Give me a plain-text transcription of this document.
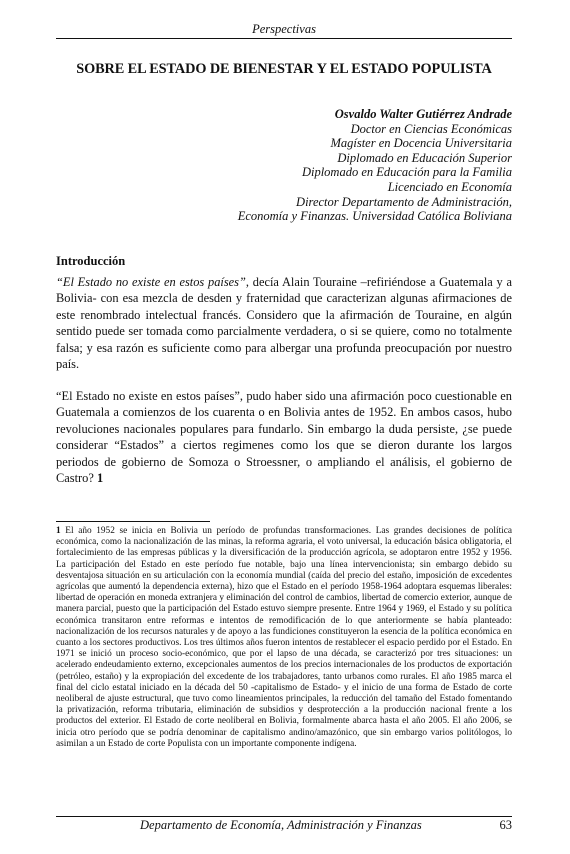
Perspectivas
SOBRE EL ESTADO DE BIENESTAR Y EL ESTADO POPULISTA
Osvaldo Walter Gutiérrez Andrade
Doctor en Ciencias Económicas
Magíster en Docencia Universitaria
Diplomado en Educación Superior
Diplomado en Educación para la Familia
Licenciado en Economía
Director Departamento de Administración,
Economía y Finanzas. Universidad Católica Boliviana
Introducción

“El Estado no existe en estos países”, decía Alain Touraine –refiriéndose a Guatemala y a Bolivia- con esa mezcla de desden y fraternidad que caracterizan algunas afirmaciones de este renombrado intelectual francés. Considero que la afirmación de Touraine, en algún sentido puede ser tomada como parcialmente verdadera, o si se quiere, como no totalmente falsa; y esa razón es suficiente como para albergar una profunda preocupación por nuestro país.

“El Estado no existe en estos países”, pudo haber sido una afirmación poco cuestionable en Guatemala a comienzos de los cuarenta o en Bolivia antes de 1952. En ambos casos, hubo revoluciones nacionales populares para fundarlo. Sin embargo la duda persiste, ¿se puede considerar “Estados” a ciertos regimenes como los que se dieron durante los largos periodos de gobierno de Somoza o Stroessner, o ampliando el análisis, el gobierno de Castro? 1

1 El año 1952 se inicia en Bolivia un período de profundas transformaciones. Las grandes decisiones de política económica, como la nacionalización de las minas, la reforma agraria, el voto universal, la educación básica obligatoria, el fortalecimiento de las empresas públicas y la diversificación de la producción agrícola, se adoptaron entre 1952 y 1956. La participación del Estado en este período fue notable, bajo una línea intervencionista; sin embargo debido su desventajosa situación en su articulación con la economía mundial (caída del precio del estaño, imposición de excedentes agrícolas que aumentó la dependencia externa), hizo que el Estado en el período 1958-1964 adoptara esquemas liberales: libertad de operación en moneda extranjera y eliminación del control de cambios, libertad de comercio exterior, aunque de manera parcial, puesto que la participación del Estado estuvo siempre presente. Entre 1964 y 1969, el Estado y su política económica transitaron entre reformas e intentos de remodificación de lo que anteriormente se había planteado: nacionalización de los recursos naturales y de apoyo a las fundiciones constituyeron la esencia de la política económica en cuanto a los sectores productivos. Los tres últimos años fueron intentos de restablecer el espacio perdido por el Estado. En 1971 se inició un proceso socio-económico, que por el lapso de una década, se caracterizó por tres situaciones: un acelerado endeudamiento externo, excepcionales aumentos de los precios internacionales de los productos de exportación (petróleo, estaño) y la expropiación del excedente de los trabajadores, tanto urbanos como rurales. El año 1985 marca el final del ciclo estatal iniciado en la década del 50 -capitalismo de Estado- y el inicio de una forma de Estado de corte neoliberal de ajuste estructural, que tuvo como lineamientos principales, la reducción del tamaño del Estado fomentando la privatización, reforma tributaria, eliminación de subsidios y desprotección a la producción nacional frente a los productos del exterior. El Estado de corte neoliberal en Bolivia, formalmente abarca hasta el año 2005. El año 2006, se inicia otro período que se podría denominar de capitalismo andino/amazónico, que sin embargo varios politólogos, lo asimilan a un Estado de corte Populista con un importante componente indígena.

Departamento de Economía, Administración y Finanzas	63
